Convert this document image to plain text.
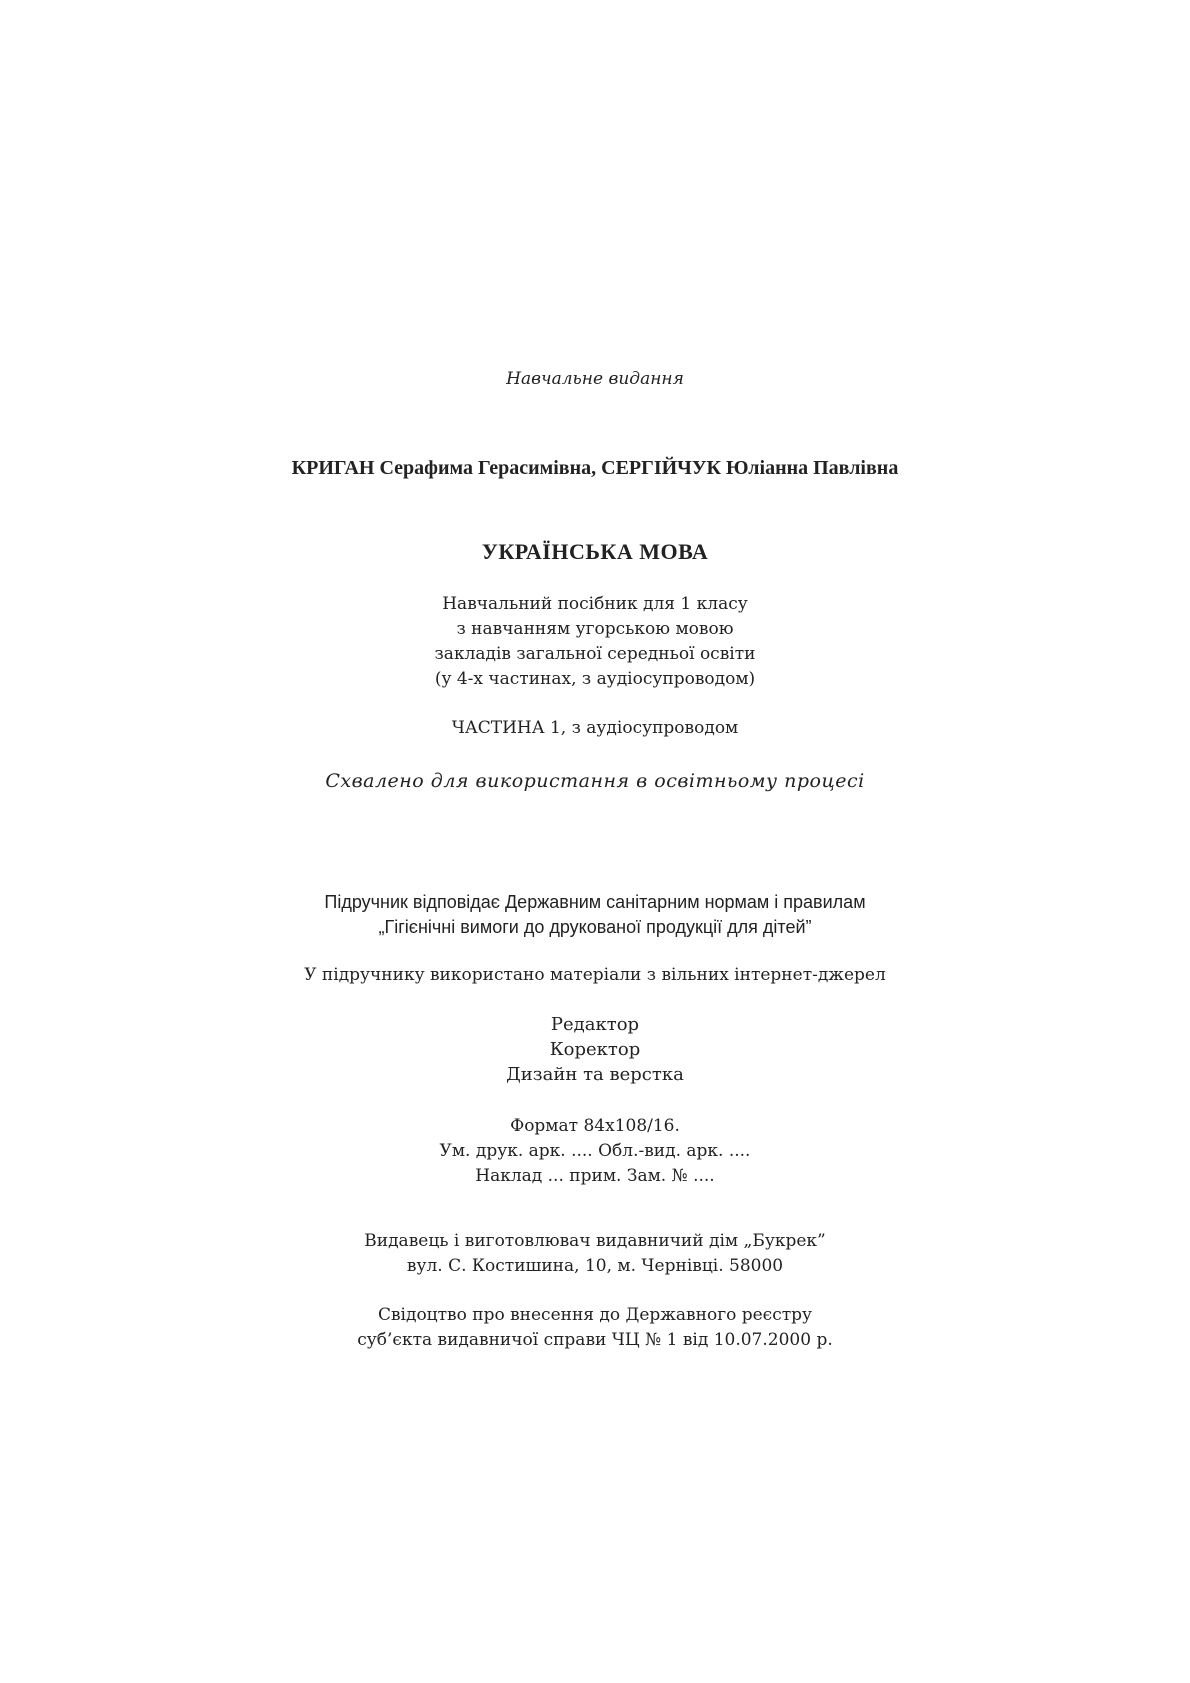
Навчальне видання
КРИГАН Серафима Герасимівна, СЕРГІЙЧУК Юліанна Павлівна
УКРАЇНСЬКА МОВА
Навчальний посібник для 1 класу
з навчанням угорською мовою
закладів загальної середньої освіти
(у 4-х частинах, з аудіосупроводом)
ЧАСТИНА 1, з аудіосупроводом
Схвалено для використання в освітньому процесі
Підручник відповідає Державним санітарним нормам і правилам
„Гігієнічні вимоги до друкованої продукції для дітей”
У підручнику використано матеріали з вільних інтернет-джерел
Редактор
Коректор
Дизайн та верстка
Формат 84х108/16.
Ум. друк. арк. .... Обл.-вид. арк. ....
Наклад ... прим. Зам. № ....
Видавець і виготовлювач видавничий дім „Букрек”
вул. С. Костишина, 10, м. Чернівці. 58000
Свідоцтво про внесення до Державного реєстру
суб’єкта видавничої справи ЧЦ № 1 від 10.07.2000 р.
